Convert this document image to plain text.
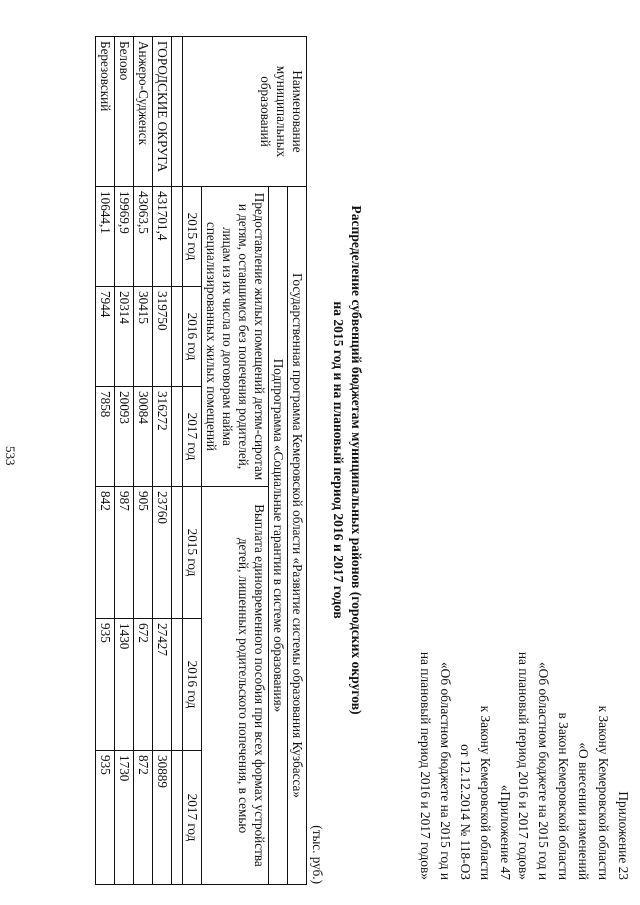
533
Приложение 23
к Закону Кемеровской области
«О внесении изменений
в Закон Кемеровской области
«Об областном бюджете на 2015 год и
на плановый период 2016 и 2017 годов»
«Приложение 47
к Закону Кемеровской области
от 12.12.2014 № 118-ОЗ
«Об областном бюджете на 2015 год и
на плановый период 2016 и 2017 годов»
Распределение субвенций бюджетам муниципальных районов (городских округов)
на 2015 год и на плановый период 2016 и 2017 годов
(тыс. руб.)
Наименование муниципальных образований	Государственная программа Кемеровской области «Развитие системы образования Кузбасса»					
	Подпрограмма «Социальные гарантии в системе образования»					
	Предоставление жилых помещений детям-сиротам и детям, оставшимся без попечения родителей, лицам из их числа по договорам найма специализированных жилых помещений			Выплата единовременного пособия при всех формах устройства детей, лишенных родительского попечения, в семью		
	2015 год	2016 год	2017 год	2015 год	2016 год	2017 год

ГОРОДСКИЕ ОКРУГА	431701,4	319750	316272	23760	27427	30889
Анжеро-Судженск	43063,5	30415	30084	905	672	872
Белово	19969,9	20314	20093	987	1430	1730
Березовский	10644,1	7944	7858	842	935	935
